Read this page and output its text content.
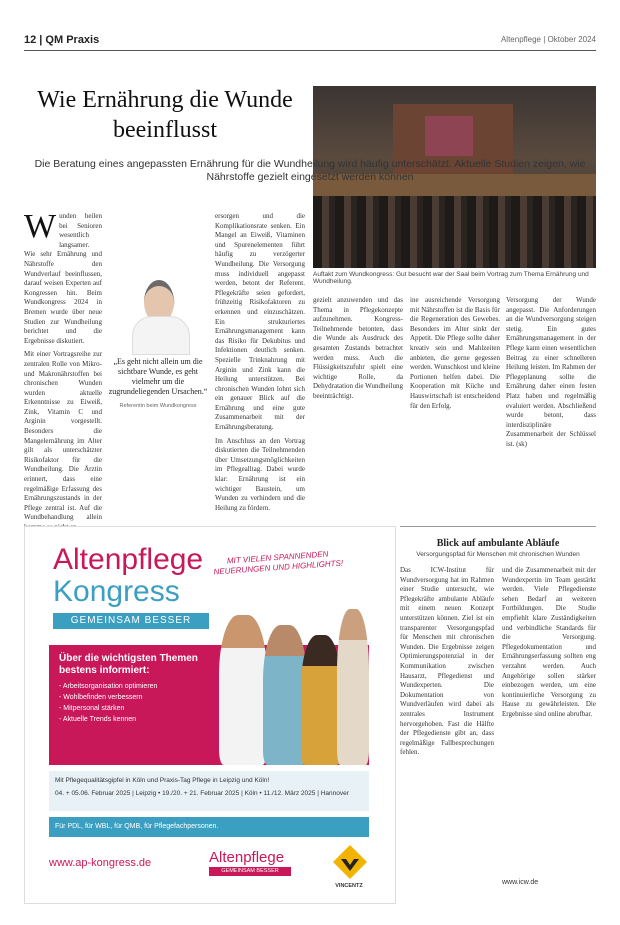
12 | QM Praxis	Altenpflege | Oktober 2024
Wie Ernährung die Wunde beeinflusst
Auftakt zum Wundkongress: Gut besucht war der Saal beim Vortrag zum Thema Ernährung und Wundheilung.
Die Beratung eines angepassten Ernährung für die Wundheilung wird häufig unterschätzt. Aktuelle Studien zeigen, wie Nährstoffe gezielt eingesetzt werden können
W unden heilen bei Senioren wesentlich langsamer. Wie sehr Ernährung und Nährstoffe den Wundverlauf beeinflussen, darauf weisen Experten auf Kongressen hin. Beim Wundkongress 2024 in Bremen wurde über neue Studien zur Wundheilung berichtet und die Ergebnisse diskutiert.

Mit einer Vortragsreihe zur zentralen Rolle von Mikro- und Makronährstoffen bei chronischen Wunden wurden aktuelle Erkenntnisse zu Eiweiß, Zink, Vitamin C und Arginin vorgestellt. Besonders die Mangelernährung im Alter gilt als unterschätzter Risikofaktor für die Wundheilung. Die Ärztin erinnert, dass eine regelmäßige Erfassung des Ernährungszustands in der Pflege zentral ist. Auf die Wundbehandlung allein

„Es geht nicht allein um die sichtbare Wunde, es geht vielmehr um die zugrundeliegenden Ursachen.“
Referentin beim Wundkongress
ersorgen und die Komplikationsrate senken. Ein Mangel an Eiweiß, Vitaminen und Spurenelementen führt häufig zu verzögerter Wundheilung. Die Versorgung muss individuell angepasst werden, betont der Referent. Pflegekräfte seien gefordert, frühzeitig Risikofaktoren zu erkennen und einzuschätzen. Ein strukturiertes Ernährungsmanagement kann das Risiko für Dekubitus und Infektionen deutlich senken. Spezielle Trinknahrung mit Arginin und Zink kann die Heilung unterstützen. Bei chronischen Wunden lohnt sich ein genauer Blick auf die Ernährung und eine gute Zusammenarbeit mit der Ernährungsberatung.

Im Anschluss an den Vortrag diskutierten die Teilnehmenden über Umsetzungsmöglichkeiten im Pflegealltag. Dabei wurde klar: Ernährung ist ein wichtiger Baustein, um Wunden zu verhindern und die Heilung zu fördern.

gezielt anzuwenden und das Thema in Pflegekonzepte aufzunehmen. Kongress-Teilnehmende betonten, dass die Wunde als Ausdruck des gesamten Zustands betrachtet werden muss. Auch die Flüssigkeitszufuhr spielt eine wichtige Rolle, da Dehydratation die Wundheilung beeinträchtigt.
ine ausreichende Versorgung mit Nährstoffen ist die Basis für die Regeneration des Gewebes. Besonders im Alter sinkt der Appetit. Die Pflege sollte daher kreativ sein und Mahlzeiten anbieten, die gerne gegessen werden. Wunschkost und kleine Portionen helfen dabei. Die Kooperation mit Küche und Hauswirtschaft ist entscheidend für den Erfolg.
Versorgung der Wunde angepasst. Die Anforderungen an die Wundversorgung steigen stetig. Ein gutes Ernährungsmanagement in der Pflege kann einen wesentlichen Beitrag zu einer schnelleren Heilung leisten. Im Rahmen der Pflegeplanung sollte die Ernährung daher einen festen Platz haben und regelmäßig evaluiert werden. Abschließend wurde betont, dass interdisziplinäre Zusammenarbeit der Schlüssel ist. (sk)
Altenpflege
Kongress
MIT VIELEN SPANNENDEN NEUERUNGEN UND HIGHLIGHTS!
GEMEINSAM BESSER
Über die wichtigsten Themen bestens informiert:
- Arbeitsorganisation optimieren
- Wohlbefinden verbessern
- Mitpersonal stärken
- Aktuelle Trends kennen
Mit Pflegequalitätsgipfel in Köln und Praxis-Tag Pflege in Leipzig und Köln!
04. + 05.06. Februar 2025 | Leipzig • 19./20. + 21. Februar 2025 | Köln • 11./12. März 2025 | Hannover
Für PDL, für WBL, für QMB, für Pflegefachpersonen.
www.ap-kongress.de	Altenpflege
GEMEINSAM BESSER
VINCENTZ
Blick auf ambulante Abläufe
Versorgungspfad für Menschen mit chronischen Wunden
Das ICW-Institut für Wundversorgung hat im Rahmen einer Studie untersucht, wie Pflegekräfte ambulante Abläufe mit einem neuen Konzept unterstützen können. Ziel ist ein transparenter Versorgungspfad für Menschen mit chronischen Wunden. Die Ergebnisse zeigen Optimierungspotenzial in der Kommunikation zwischen Hausarzt, Pflegedienst und Wundexperten. Die Dokumentation von Wundverläufen wird dabei als zentrales Instrument hervorgehoben. Fast die Hälfte der Pflegedienste gibt an, dass regelmäßige Fallbesprechungen fehlen.
und die Zusammenarbeit mit der Wundexpertin im Team gestärkt werden. Viele Pflegedienste sehen Bedarf an weiteren Fortbildungen. Die Studie empfiehlt klare Zuständigkeiten und verbindliche Standards für die Versorgung. Pflegedokumentation und Ernährungserfassung sollten eng verzahnt werden. Auch Angehörige sollen stärker einbezogen werden, um eine kontinuierliche Versorgung zu Hause zu gewährleisten. Die Ergebnisse sind online abrufbar.
www.icw.de
